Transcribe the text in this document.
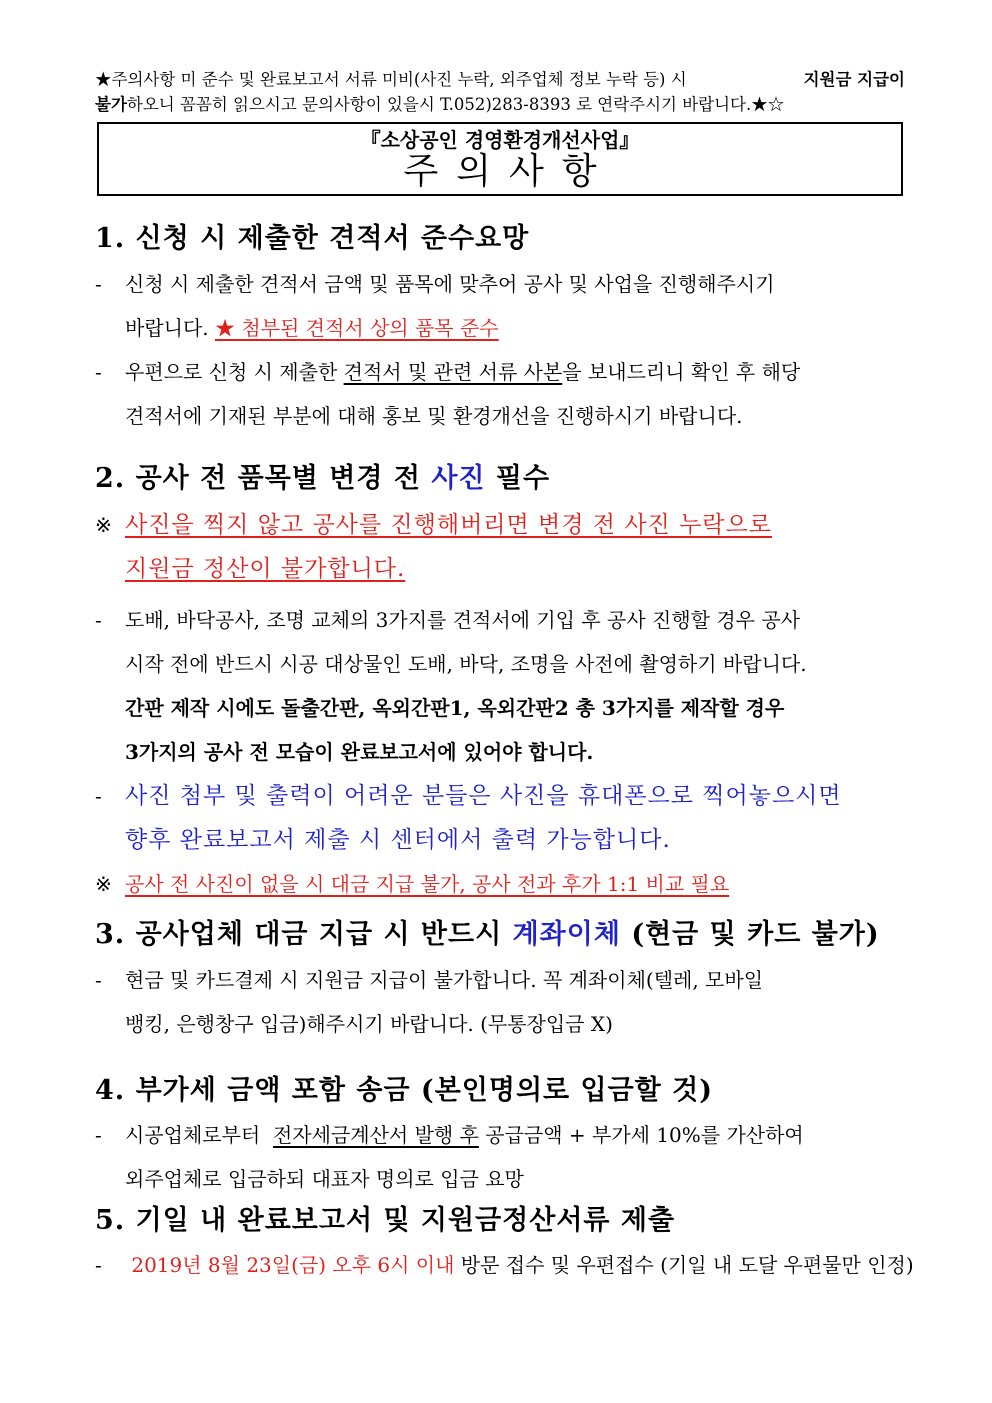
★주의사항 미 준수 및 완료보고서 서류 미비(사진 누락, 외주업체 정보 누락 등) 시	지원금 지급이
불가하오니 꼼꼼히 읽으시고 문의사항이 있을시 T.052)283-8393 로 연락주시기 바랍니다.★☆
『소상공인 경영환경개선사업』
주의사항
1. 신청 시 제출한 견적서 준수요망
- 신청 시 제출한 견적서 금액 및 품목에 맞추어 공사 및 사업을 진행해주시기
바랍니다. ★ 첨부된 견적서 상의 품목 준수
-	우편으로 신청 시 제출한
견적서 및 관련 서류 사본 을 보내드리니 확인 후 해당
견적서에 기재된 부분에 대해 홍보 및 환경개선을 진행하시기 바랍니다.
2. 공사 전 품목별 변경 전 사진 필수
※ 사진을 찍지 않고 공사를 진행해버리면 변경 전 사진 누락으로
지원금 정산이 불가합니다.
- 도배, 바닥공사, 조명 교체의 3가지를 견적서에 기입 후 공사 진행할 경우 공사
시작 전에 반드시 시공 대상물인 도배, 바닥, 조명을 사전에 촬영하기 바랍니다.
간판 제작 시에도 돌출간판, 옥외간판1, 옥외간판2 총 3가지를 제작할 경우
3가지의 공사 전 모습이 완료보고서에 있어야 합니다.
- 사진 첨부 및 출력이 어려운 분들은 사진을 휴대폰으로 찍어놓으시면
향후 완료보고서 제출 시 센터에서 출력 가능합니다.
※ 공사 전 사진이 없을 시 대금 지급 불가, 공사 전과 후가 1:1 비교 필요
3. 공사업체 대금 지급 시 반드시 계좌이체 (현금 및 카드 불가)
- 현금 및 카드결제 시 지원금 지급이 불가합니다. 꼭 계좌이체(텔레, 모바일
뱅킹, 은행창구 입금)해주시기 바랍니다. (무통장입금 X)
4. 부가세 금액 포함 송금 (본인명의로 입금할 것)
- 시공업체로부터 전자세금계산서 발행 후 공급금액 + 부가세 10%를 가산하여
외주업체로 입금하되 대표자 명의로 입금 요망
5. 기일 내 완료보고서 및 지원금정산서류 제출
- 2019년 8월 23일(금) 오후 6시 이내 방문 접수 및 우편접수 (기일 내 도달 우편물만 인정)
